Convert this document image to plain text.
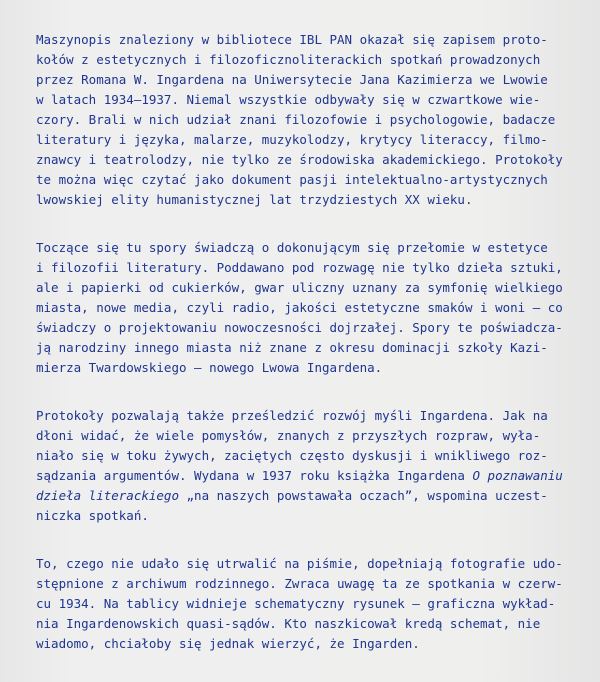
Maszynopis znaleziony w bibliotece IBL PAN okazał się zapisem proto-
kołów z estetycznych i filozoficznoliterackich spotkań prowadzonych
przez Romana W. Ingardena na Uniwersytecie Jana Kazimierza we Lwowie
w latach 1934–1937. Niemal wszystkie odbywały się w czwartkowe wie-
czory. Brali w nich udział znani filozofowie i psychologowie, badacze
literatury i języka, malarze, muzykolodzy, krytycy literaccy, filmo-
znawcy i teatrolodzy, nie tylko ze środowiska akademickiego. Protokoły
te można więc czytać jako dokument pasji intelektualno-artystycznych
lwowskiej elity humanistycznej lat trzydziestych XX wieku.

Toczące się tu spory świadczą o dokonującym się przełomie w estetyce
i filozofii literatury. Poddawano pod rozwagę nie tylko dzieła sztuki,
ale i papierki od cukierków, gwar uliczny uznany za symfonię wielkiego
miasta, nowe media, czyli radio, jakości estetyczne smaków i woni – co
świadczy o projektowaniu nowoczesności dojrzałej. Spory te poświadcza-
ją narodziny innego miasta niż znane z okresu dominacji szkoły Kazi-
mierza Twardowskiego – nowego Lwowa Ingardena.

Protokoły pozwalają także prześledzić rozwój myśli Ingardena. Jak na
dłoni widać, że wiele pomysłów, znanych z przyszłych rozpraw, wyła-
niało się w toku żywych, zaciętych często dyskusji i wnikliwego roz-
sądzania argumentów. Wydana w 1937 roku książka Ingardena O poznawaniu
dzieła literackiego „na naszych powstawała oczach”, wspomina uczest-
niczka spotkań.

To, czego nie udało się utrwalić na piśmie, dopełniają fotografie udo-
stępnione z archiwum rodzinnego. Zwraca uwagę ta ze spotkania w czerw-
cu 1934. Na tablicy widnieje schematyczny rysunek – graficzna wykład-
nia Ingardenowskich quasi-sądów. Kto naszkicował kredą schemat, nie
wiadomo, chciałoby się jednak wierzyć, że Ingarden.
